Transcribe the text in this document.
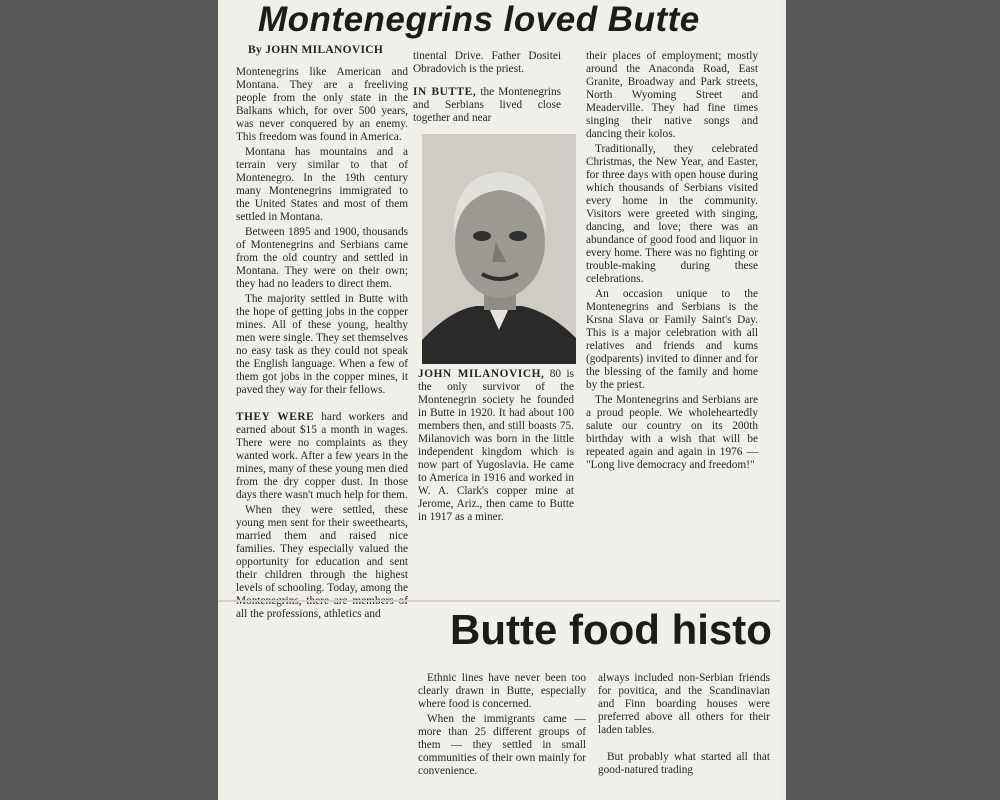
Montenegrins loved Butte
By JOHN MILANOVICH

Montenegrins like American and Montana. They are a freeliving people from the only state in the Balkans which, for over 500 years, was never conquered by an enemy. This freedom was found in America.

Montana has mountains and a terrain very similar to that of Montenegro. In the 19th century many Montenegrins immigrated to the United States and most of them settled in Montana.

Between 1895 and 1900, thousands of Montenegrins and Serbians came from the old country and settled in Montana. They were on their own; they had no leaders to direct them.

The majority settled in Butte with the hope of getting jobs in the copper mines. All of these young, healthy men were single. They set themselves no easy task as they could not speak the English language. When a few of them got jobs in the copper mines, it paved they way for their fellows.

THEY WERE hard workers and earned about $15 a month in wages. There were no complaints as they wanted work. After a few years in the mines, many of these young men died from the dry copper dust. In those days there wasn't much help for them.

When they were settled, these young men sent for their sweethearts, married them and raised nice families. They especially valued the opportunity for education and sent their children through the highest levels of schooling. Today, among the all the professions, athletics and

tinental Drive. Father Dositei Obradovich is the priest.

IN BUTTE, the Montenegrins and Serbians lived close together and near

JOHN MILANOVICH, 80 is the only survivor of the Montenegrin society he founded in Butte in 1920. It had about 100 members then, and still boasts 75. Milanovich was born in the little independent kingdom which is now part of Yugoslavia. He came to America in 1916 and worked in W. A. Clark's copper mine at Jerome, Ariz., then came to Butte in 1917 as a miner.

their places of employment; mostly around the Anaconda Road, East Granite, Broadway and Park streets, North Wyoming Street and Meaderville. They had fine times singing their native songs and dancing their kolos.

Traditionally, they celebrated Christmas, the New Year, and Easter, for three days with open house during which thousands of Serbians visited every home in the community. Visitors were greeted with singing, dancing, and love; there was an abundance of good food and liquor in every home. There was no fighting or trouble-making during these celebrations.

An occasion unique to the Montenegrins and Serbians is the Krsna Slava or Family Saint's Day. This is a major celebration with all relatives and friends and kums (godparents) invited to dinner and for the blessing of the family and home by the priest.

The Montenegrins and Serbians are a proud people. We wholeheartedly salute our country on its 200th birthday with a wish that will be repeated again and again in 1976 — "Long live democracy and freedom!"

Butte food histo

Ethnic lines have never been too clearly drawn in Butte, especially where food is concerned.

When the immigrants came — more than 25 different groups of them — they settled in small communities of their own mainly for convenience.

always included non-Serbian friends for povitica, and the Scandinavian and Finn boarding houses were preferred above all others for their laden tables.

But probably what started all that good-natured trading
